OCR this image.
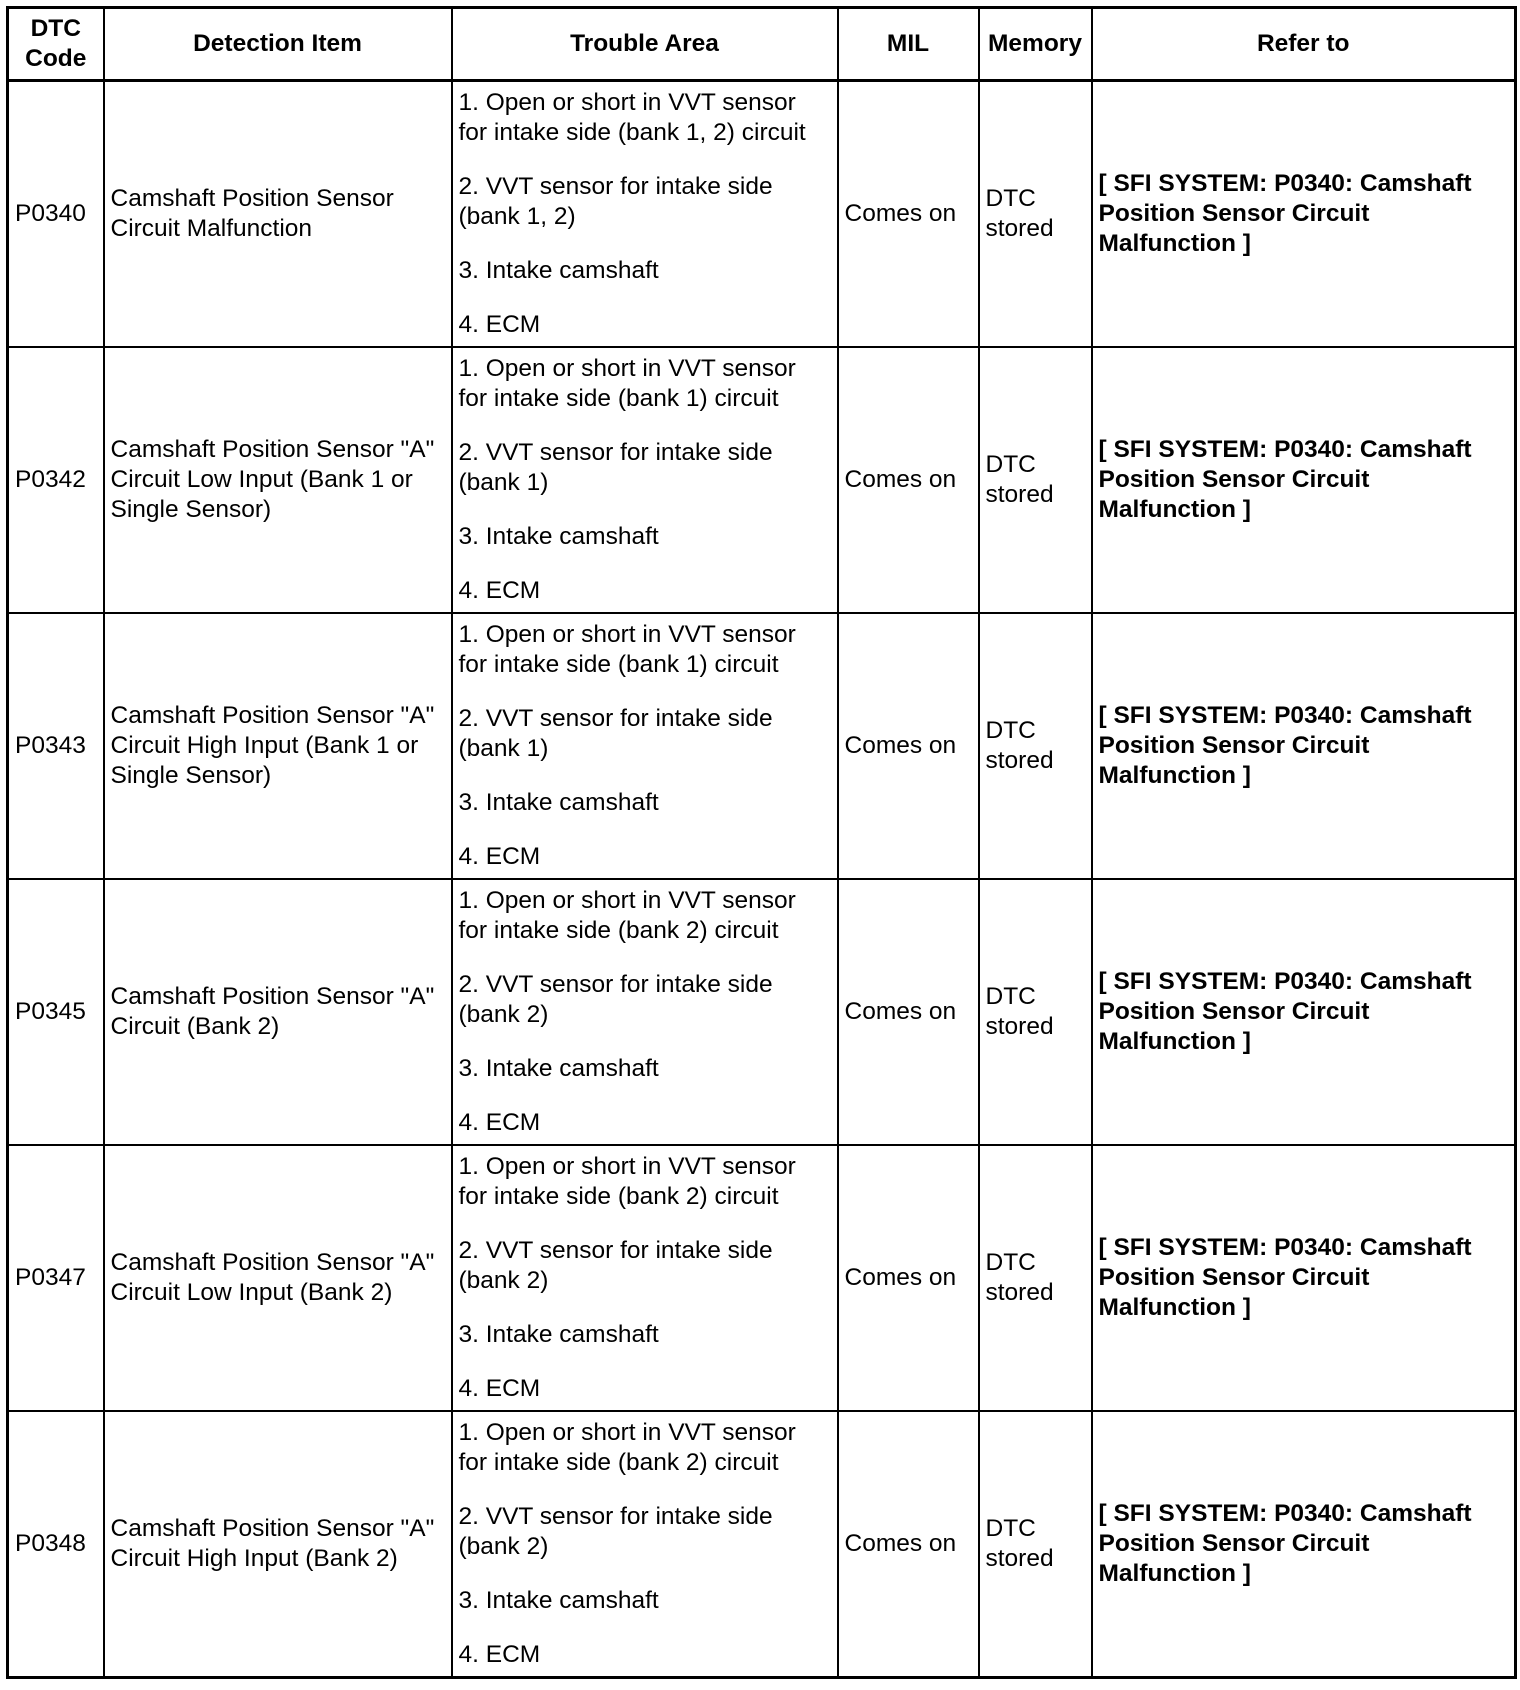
DTC
Code	Detection Item	Trouble Area	MIL	Memory	Refer to
P0340	Camshaft Position Sensor Circuit Malfunction	1. Open or short in VVT sensor for intake side (bank 1, 2) circuit
2. VVT sensor for intake side (bank 1, 2)
3. Intake camshaft
4. ECM	Comes on	DTC stored	[ SFI SYSTEM: P0340: Camshaft Position Sensor Circuit Malfunction ]
P0342	Camshaft Position Sensor "A" Circuit Low Input (Bank 1 or Single Sensor)	1. Open or short in VVT sensor for intake side (bank 1) circuit
2. VVT sensor for intake side (bank 1)
3. Intake camshaft
4. ECM	Comes on	DTC stored	[ SFI SYSTEM: P0340: Camshaft Position Sensor Circuit Malfunction ]
P0343	Camshaft Position Sensor "A" Circuit High Input (Bank 1 or Single Sensor)	1. Open or short in VVT sensor for intake side (bank 1) circuit
2. VVT sensor for intake side (bank 1)
3. Intake camshaft
4. ECM	Comes on	DTC stored	[ SFI SYSTEM: P0340: Camshaft Position Sensor Circuit Malfunction ]
P0345	Camshaft Position Sensor "A" Circuit (Bank 2)	1. Open or short in VVT sensor for intake side (bank 2) circuit
2. VVT sensor for intake side (bank 2)
3. Intake camshaft
4. ECM	Comes on	DTC stored	[ SFI SYSTEM: P0340: Camshaft Position Sensor Circuit Malfunction ]
P0347	Camshaft Position Sensor "A" Circuit Low Input (Bank 2)	1. Open or short in VVT sensor for intake side (bank 2) circuit
2. VVT sensor for intake side (bank 2)
3. Intake camshaft
4. ECM	Comes on	DTC stored	[ SFI SYSTEM: P0340: Camshaft Position Sensor Circuit Malfunction ]
P0348	Camshaft Position Sensor "A" Circuit High Input (Bank 2)	1. Open or short in VVT sensor for intake side (bank 2) circuit
2. VVT sensor for intake side (bank 2)
3. Intake camshaft
4. ECM	Comes on	DTC stored	[ SFI SYSTEM: P0340: Camshaft Position Sensor Circuit Malfunction ]
